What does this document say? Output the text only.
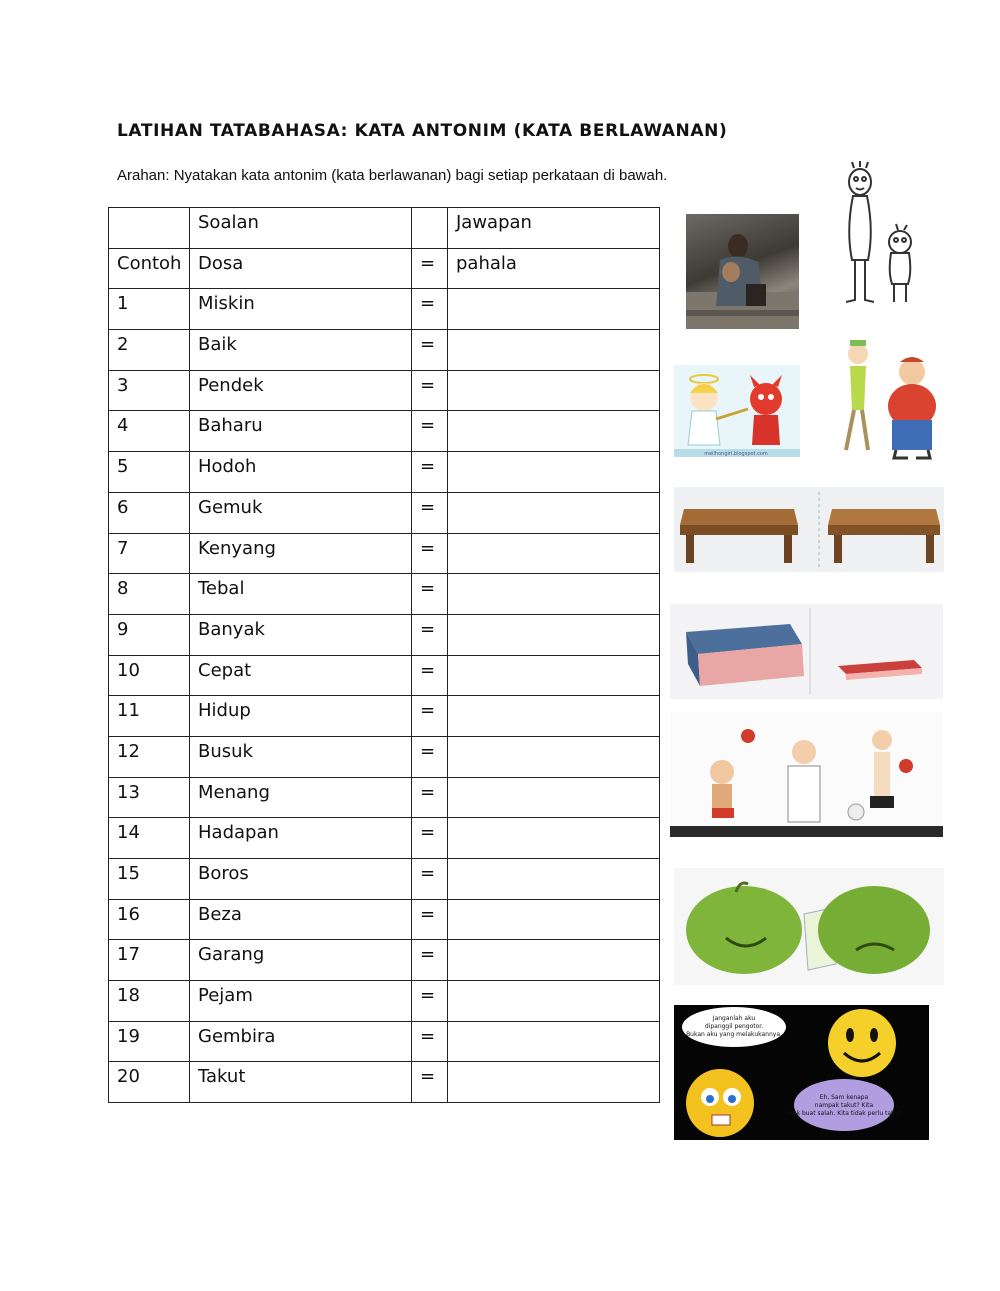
LATIHAN TATABAHASA: KATA ANTONIM (KATA BERLAWANAN)
Arahan: Nyatakan kata antonim (kata berlawanan) bagi setiap perkataan di bawah.
	Soalan		Jawapan
Contoh	Dosa	=	pahala
1	Miskin	=	
2	Baik	=	
3	Pendek	=	
4	Baharu	=	
5	Hodoh	=	
6	Gemuk	=	
7	Kenyang	=	
8	Tebal	=	
9	Banyak	=	
10	Cepat	=	
11	Hidup	=	
12	Busuk	=	
13	Menang	=	
14	Hadapan	=	
15	Boros	=	
16	Beza	=	
17	Garang	=	
18	Pejam	=	
19	Gembira	=	
20	Takut	=	
meilhongirl.blogspot.com
Janganlah aku
dipanggil pengotor.
Bukan aku yang melakukannya.
Eh, Sam kenapa
nampak takut? Kita
tidak buat salah. Kita tidak perlu takut!
